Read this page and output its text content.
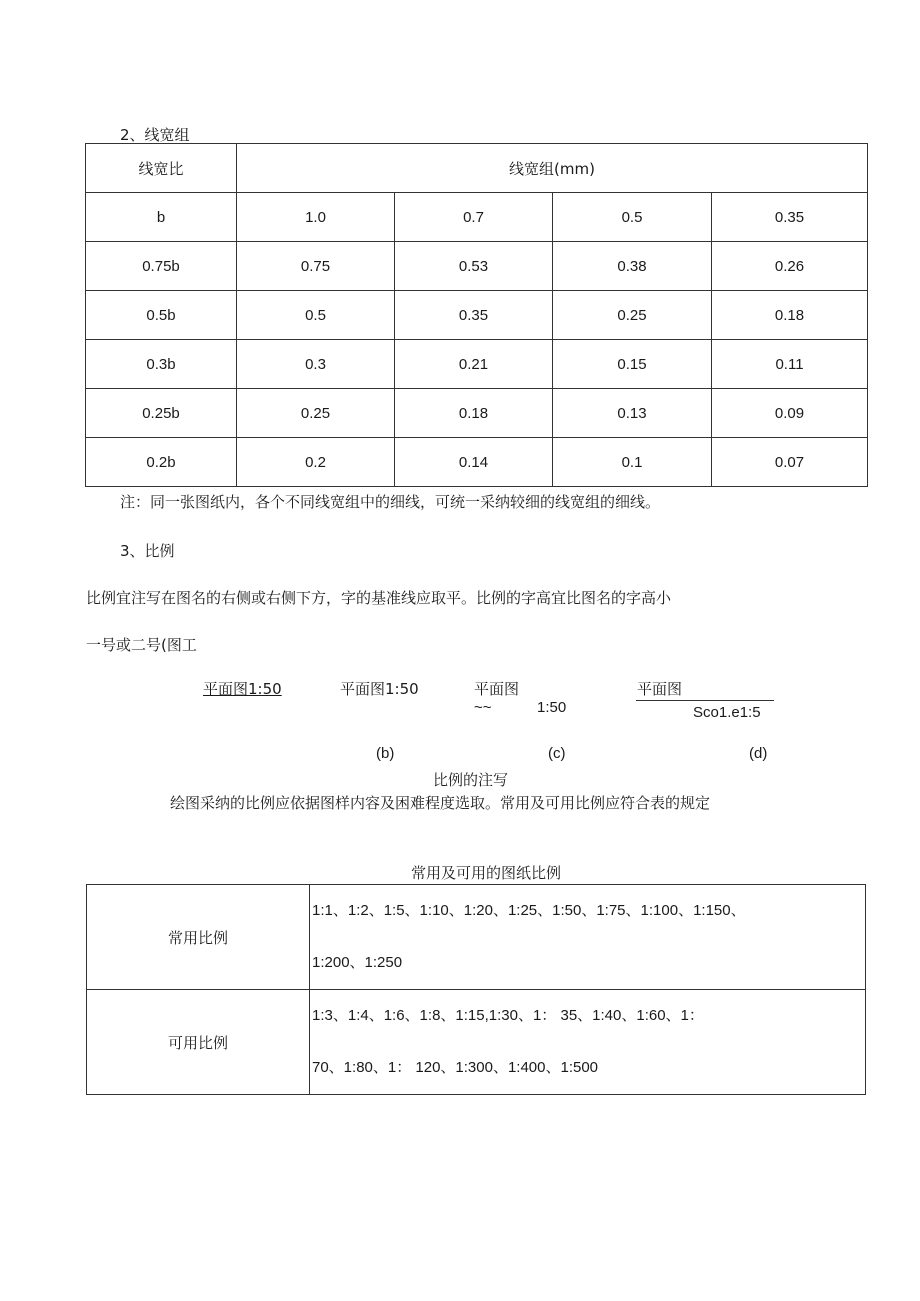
2、线宽组
线宽比	线宽组(mm)			
b	1.0	0.7	0.5	0.35
0.75b	0.75	0.53	0.38	0.26
0.5b	0.5	0.35	0.25	0.18
0.3b	0.3	0.21	0.15	0.11
0.25b	0.25	0.18	0.13	0.09
0.2b	0.2	0.14	0.1	0.07
注：同一张图纸内，各个不同线宽组中的细线，可统一采纳较细的线宽组的细线。
3、比例
比例宜注写在图名的右侧或右侧下方，字的基准线应取平。比例的字高宜比图名的字高小
一号或二号(图工
平面图1:50	平面图1:50	平面图
~~	1:50
平面图
Sco1.e1:5
(b)	(c)	(d)
比例的注写
绘图采纳的比例应依据图样内容及困难程度选取。常用及可用比例应符合表的规定
常用及可用的图纸比例
常用比例	1:1、1:2、1:5、1:10、1:20、1:25、1:50、1:75、1:100、1:150、
1:200、1:250

可用比例	1:3、1:4、1:6、1:8、1:15,1:30、1： 35、1:40、1:60、1：
70、1:80、1： 120、1:300、1:400、1:500
